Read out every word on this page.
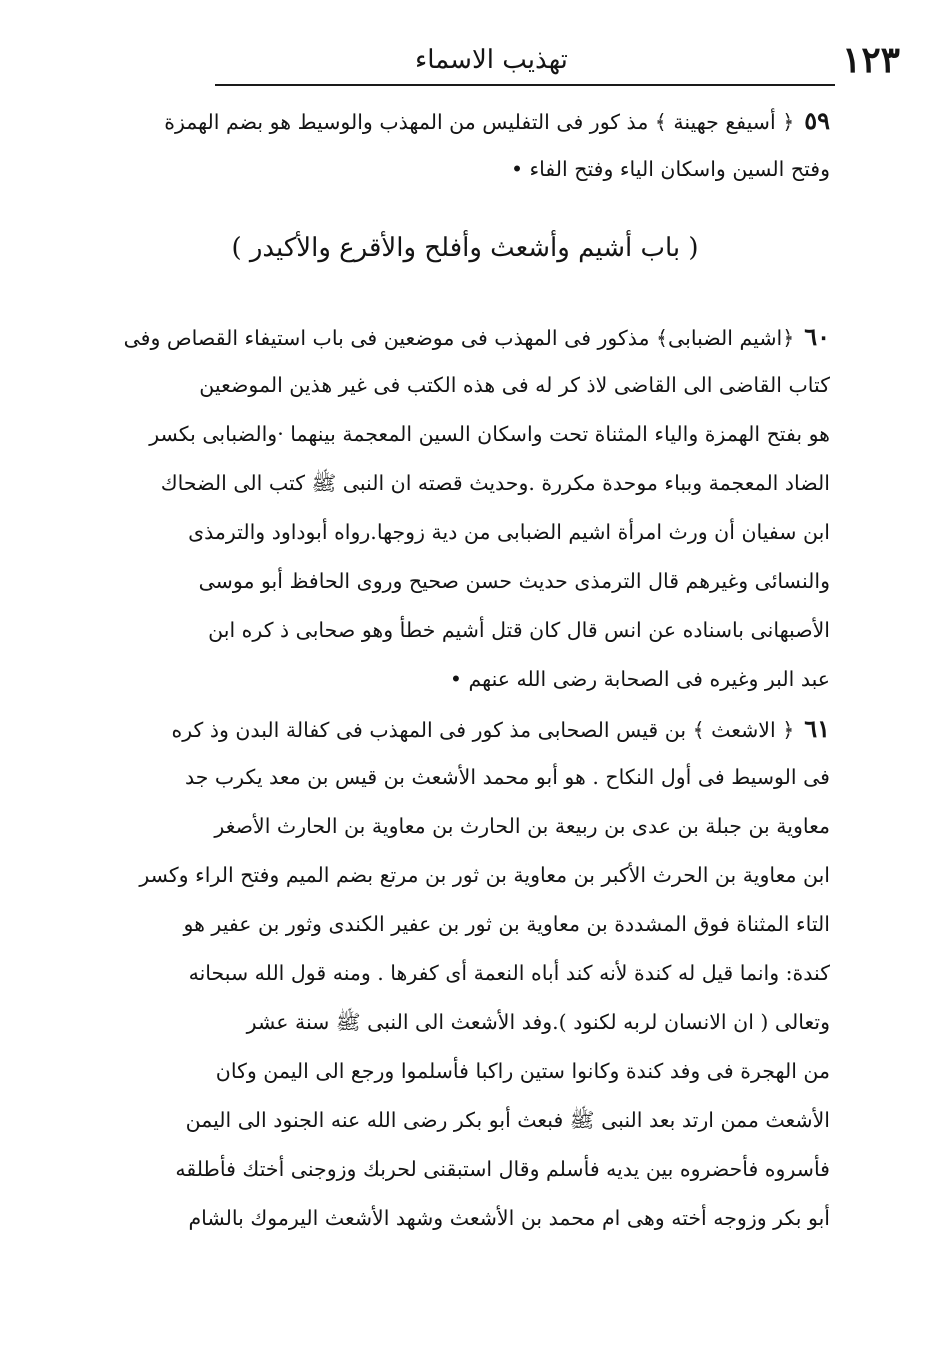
١٢٣
تهذيب الاسماء
٥٩﴿ أسيفع جهينة ﴾ مذ كور فى التفليس من المهذب والوسيط هو بضم الهمزة
وفتح السين واسكان الياء وفتح الفاء •
( باب أشيم وأشعث وأفلح والأقرع والأكيدر )
٦٠﴿اشيم الضبابى﴾ مذكور فى المهذب فى موضعين فى باب استيفاء القصاص وفى
كتاب القاضى الى القاضى لاذ كر له فى هذه الكتب فى غير هذين الموضعين
هو بفتح الهمزة والياء المثناة تحت واسكان السين المعجمة بينهما ·والضبابى بكسر
الضاد المعجمة وبباء موحدة مكررة .وحديث قصته ان النبى ﷺ كتب الى الضحاك
ابن سفيان أن ورث امرأة اشيم الضبابى من دية زوجها.رواه أبوداود والترمذى
والنسائى وغيرهم قال الترمذى حديث حسن صحيح وروى الحافظ أبو موسى
الأصبهانى باسناده عن انس قال كان قتل أشيم خطأ وهو صحابى ذ كره ابن
عبد البر وغيره فى الصحابة رضى الله عنهم •
٦١﴿ الاشعث ﴾ بن قيس الصحابى مذ كور فى المهذب فى كفالة البدن وذ كره
فى الوسيط فى أول النكاح . هو أبو محمد الأشعث بن قيس بن معد يكرب جد
معاوية بن جبلة بن عدى بن ربيعة بن الحارث بن معاوية بن الحارث الأصغر
ابن معاوية بن الحرث الأكبر بن معاوية بن ثور بن مرتع بضم الميم وفتح الراء وكسر
التاء المثناة فوق المشددة بن معاوية بن ثور بن عفير الكندى وثور بن عفير هو
كندة: وانما قيل له كندة لأنه كند أباه النعمة أى كفرها . ومنه قول الله سبحانه
وتعالى ( ان الانسان لربه لكنود ).وفد الأشعث الى النبى ﷺ سنة عشر
من الهجرة فى وفد كندة وكانوا ستين راكبا فأسلموا ورجع الى اليمن وكان
الأشعث ممن ارتد بعد النبى ﷺ فبعث أبو بكر رضى الله عنه الجنود الى اليمن
فأسروه فأحضروه بين يديه فأسلم وقال استبقنى لحربك وزوجنى أختك فأطلقه
أبو بكر وزوجه أخته وهى ام محمد بن الأشعث وشهد الأشعث اليرموك بالشام
